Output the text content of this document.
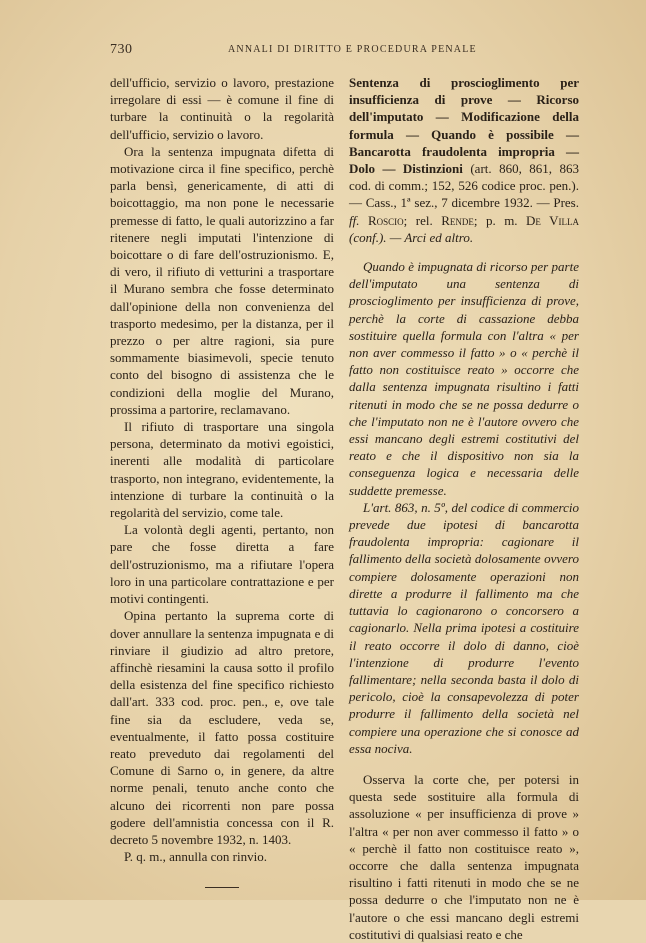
730	ANNALI DI DIRITTO E PROCEDURA PENALE

dell'ufficio, servizio o lavoro, prestazione irregolare di essi — è comune il fine di turbare la continuità o la regolarità dell'ufficio, servizio o lavoro.

Ora la sentenza impugnata difetta di motivazione circa il fine specifico, perchè parla bensì, genericamente, di atti di boicottaggio, ma non pone le necessarie premesse di fatto, le quali autorizzino a far ritenere negli imputati l'intenzione di boicottare o di fare dell'ostruzionismo. E, di vero, il rifiuto di vetturini a trasportare il Murano sembra che fosse determinato dall'opinione della non convenienza del trasporto medesimo, per la distanza, per il prezzo o per altre ragioni, sia pure sommamente biasimevoli, specie tenuto conto del bisogno di assistenza che le condizioni della moglie del Murano, prossima a partorire, reclamavano.

Il rifiuto di trasportare una singola persona, determinato da motivi egoistici, inerenti alle modalità di particolare trasporto, non integrano, evidentemente, la intenzione di turbare la continuità o la regolarità del servizio, come tale.

La volontà degli agenti, pertanto, non pare che fosse diretta a fare dell'ostruzionismo, ma a rifiutare l'opera loro in una particolare contrattazione e per motivi contingenti.

Opina pertanto la suprema corte di dover annullare la sentenza impugnata e di rinviare il giudizio ad altro pretore, affinchè riesamini la causa sotto il profilo della esistenza del fine specifico richiesto dall'art. 333 cod. proc. pen., e, ove tale fine sia da escludere, veda se, eventualmente, il fatto possa costituire reato preveduto dai regolamenti del Comune di Sarno o, in genere, da altre norme penali, tenuto anche conto che alcuno dei ricorrenti non pare possa godere dell'amnistia concessa con il R. decreto 5 novembre 1932, n. 1403.

P. q. m., annulla con rinvio.

Sentenza di proscioglimento per insufficienza di prove — Ricorso dell'imputato — Modificazione della formula — Quando è possibile — Bancarotta fraudolenta impropria — Dolo — Distinzioni (art. 860, 861, 863 cod. di comm.; 152, 526 codice proc. pen.). — Cass., 1ª sez., 7 dicembre 1932. — Pres. ff. Roscio; rel. Rende; p. m. De Villa (conf.). — Arci ed altro.

Quando è impugnata di ricorso per parte dell'imputato una sentenza di proscioglimento per insufficienza di prove, perchè la corte di cassazione debba sostituire quella formula con l'altra « per non aver commesso il fatto » o « perchè il fatto non costituisce reato » occorre che dalla sentenza impugnata risultino i fatti ritenuti in modo che se ne possa dedurre o che l'imputato non ne è l'autore ovvero che essi mancano degli estremi costitutivi del reato e che il dispositivo non sia la conseguenza logica e necessaria delle suddette premesse.

L'art. 863, n. 5º, del codice di commercio prevede due ipotesi di bancarotta fraudolenta impropria: cagionare il fallimento della società dolosamente ovvero compiere dolosamente operazioni non dirette a produrre il fallimento ma che tuttavia lo cagionarono o concorsero a cagionarlo. Nella prima ipotesi a costituire il reato occorre il dolo di danno, cioè l'intenzione di produrre l'evento fallimentare; nella seconda basta il dolo di pericolo, cioè la consapevolezza di poter produrre il fallimento della società nel compiere una operazione che si conosce ad essa nociva.

Osserva la corte che, per potersi in questa sede sostituire alla formula di assoluzione « per insufficienza di prove » l'altra « per non aver commesso il fatto » o « perchè il fatto non costituisce reato », occorre che dalla sentenza impugnata risultino i fatti ritenuti in modo che se ne possa dedurre o che l'imputato non ne è l'autore o che essi mancano degli estremi costitutivi di qualsiasi reato e che
